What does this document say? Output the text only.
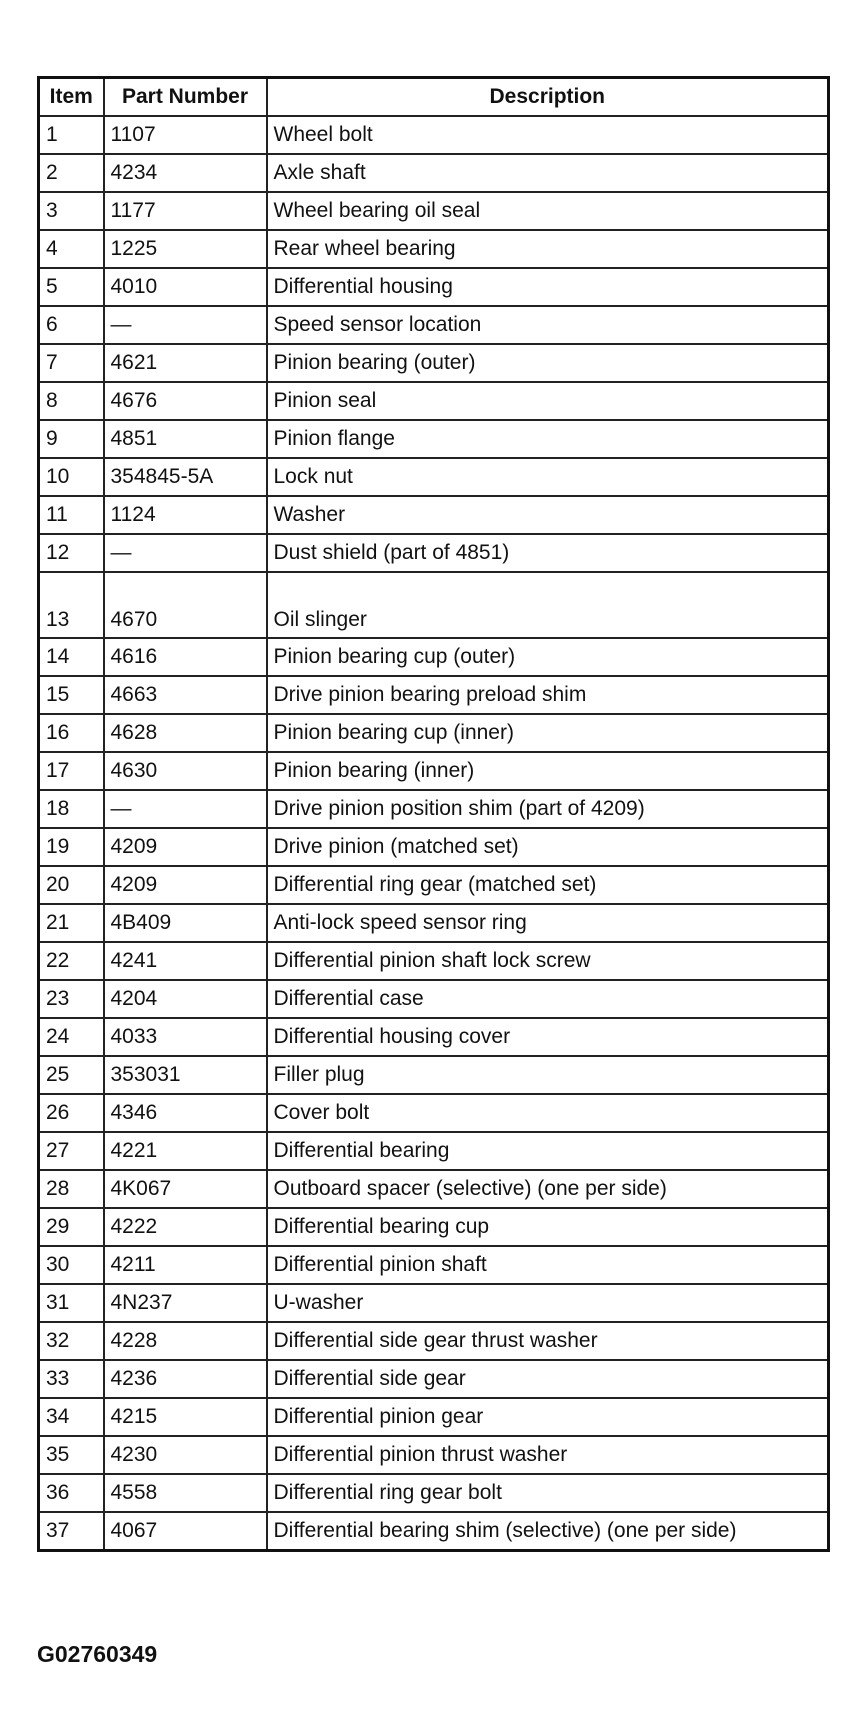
Item	Part Number	Description
1	1107	Wheel bolt
2	4234	Axle shaft
3	1177	Wheel bearing oil seal
4	1225	Rear wheel bearing
5	4010	Differential housing
6	—	Speed sensor location
7	4621	Pinion bearing (outer)
8	4676	Pinion seal
9	4851	Pinion flange
10	354845-5A	Lock nut
11	1124	Washer
12	—	Dust shield (part of 4851)
13	4670	Oil slinger
14	4616	Pinion bearing cup (outer)
15	4663	Drive pinion bearing preload shim
16	4628	Pinion bearing cup (inner)
17	4630	Pinion bearing (inner)
18	—	Drive pinion position shim (part of 4209)
19	4209	Drive pinion (matched set)
20	4209	Differential ring gear (matched set)
21	4B409	Anti-lock speed sensor ring
22	4241	Differential pinion shaft lock screw
23	4204	Differential case
24	4033	Differential housing cover
25	353031	Filler plug
26	4346	Cover bolt
27	4221	Differential bearing
28	4K067	Outboard spacer (selective) (one per side)
29	4222	Differential bearing cup
30	4211	Differential pinion shaft
31	4N237	U-washer
32	4228	Differential side gear thrust washer
33	4236	Differential side gear
34	4215	Differential pinion gear
35	4230	Differential pinion thrust washer
36	4558	Differential ring gear bolt
37	4067	Differential bearing shim (selective) (one per side)
G02760349
